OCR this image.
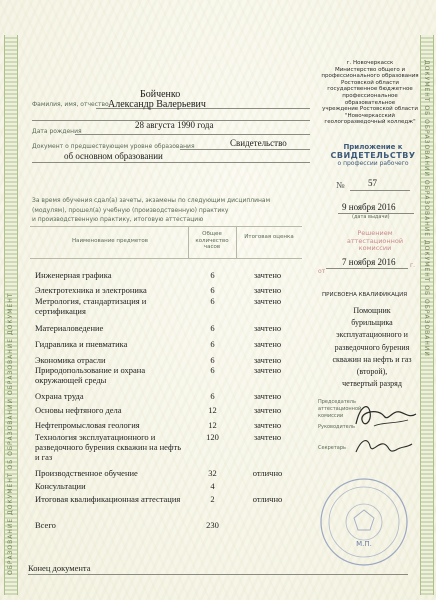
ОБРАЗОВАНИЕ ДОКУМЕНТ ОБ ОБРАЗОВАНИИ ОБРАЗОВАНИЕ ДОКУМЕНТ
ДОКУМЕНТ ОБ ОБРАЗОВАНИИ ОБРАЗОВАНИЕ ДОКУМЕНТ ОБ ОБРАЗОВАНИИ
Бойченко
Фамилия, имя, отчество Александр Валерьевич
28 августа 1990 года
Дата рождения
Документ о предшествующем уровне образования	Свидетельство
об основном образовании
г. Новочеркасск
Министерство общего и
профессионального образования
Ростовской области
государственное бюджетное
профессиональное образовательное
учреждение Ростовской области
"Новочеркасский
геологоразведочный колледж"
Приложение к
СВИДЕТЕЛЬСТВУ
о профессии рабочего
№	57
9 ноября 2016
(дата выдачи)
Решением аттестационной комиссии
от
7 ноября 2016 г.
ПРИСВОЕНА КВАЛИФИКАЦИЯ
Помощник
бурильщика
эксплуатационного и
разведочного бурения
скважин на нефть и газ
(второй),
четвертый разряд
За время обучения сдал(а) зачеты, экзамены по следующим дисциплинам
(модулям), прошел(а) учебную (производственную) практику
и производственную практику, итоговую аттестацию
Наименование предметов
Общее количество часов
Итоговая оценка
Инженерная графика	6	зачтено
Электротехника и электроника	6	зачтено
Метрология, стандартизация и сертификация
6	зачтено
Материаловедение	6	зачтено
Гидравлика и пневматика	6	зачтено
Экономика отрасли	6	зачтено
Природопользование и охрана окружающей среды
6	зачтено
Охрана труда	6	зачтено
Основы нефтяного дела	12	зачтено
Нефтепромысловая геология	12	зачтено
Технология эксплуатационного и разведочного бурения скважин на нефть и газ
120	зачтено
Производственное обучение	32	отлично
Консультации	4
Итоговая квалификационная аттестация	2	отлично
Всего	230
Председатель аттестационной комиссии
Руководитель
Секретарь
М.П.
Конец документа
